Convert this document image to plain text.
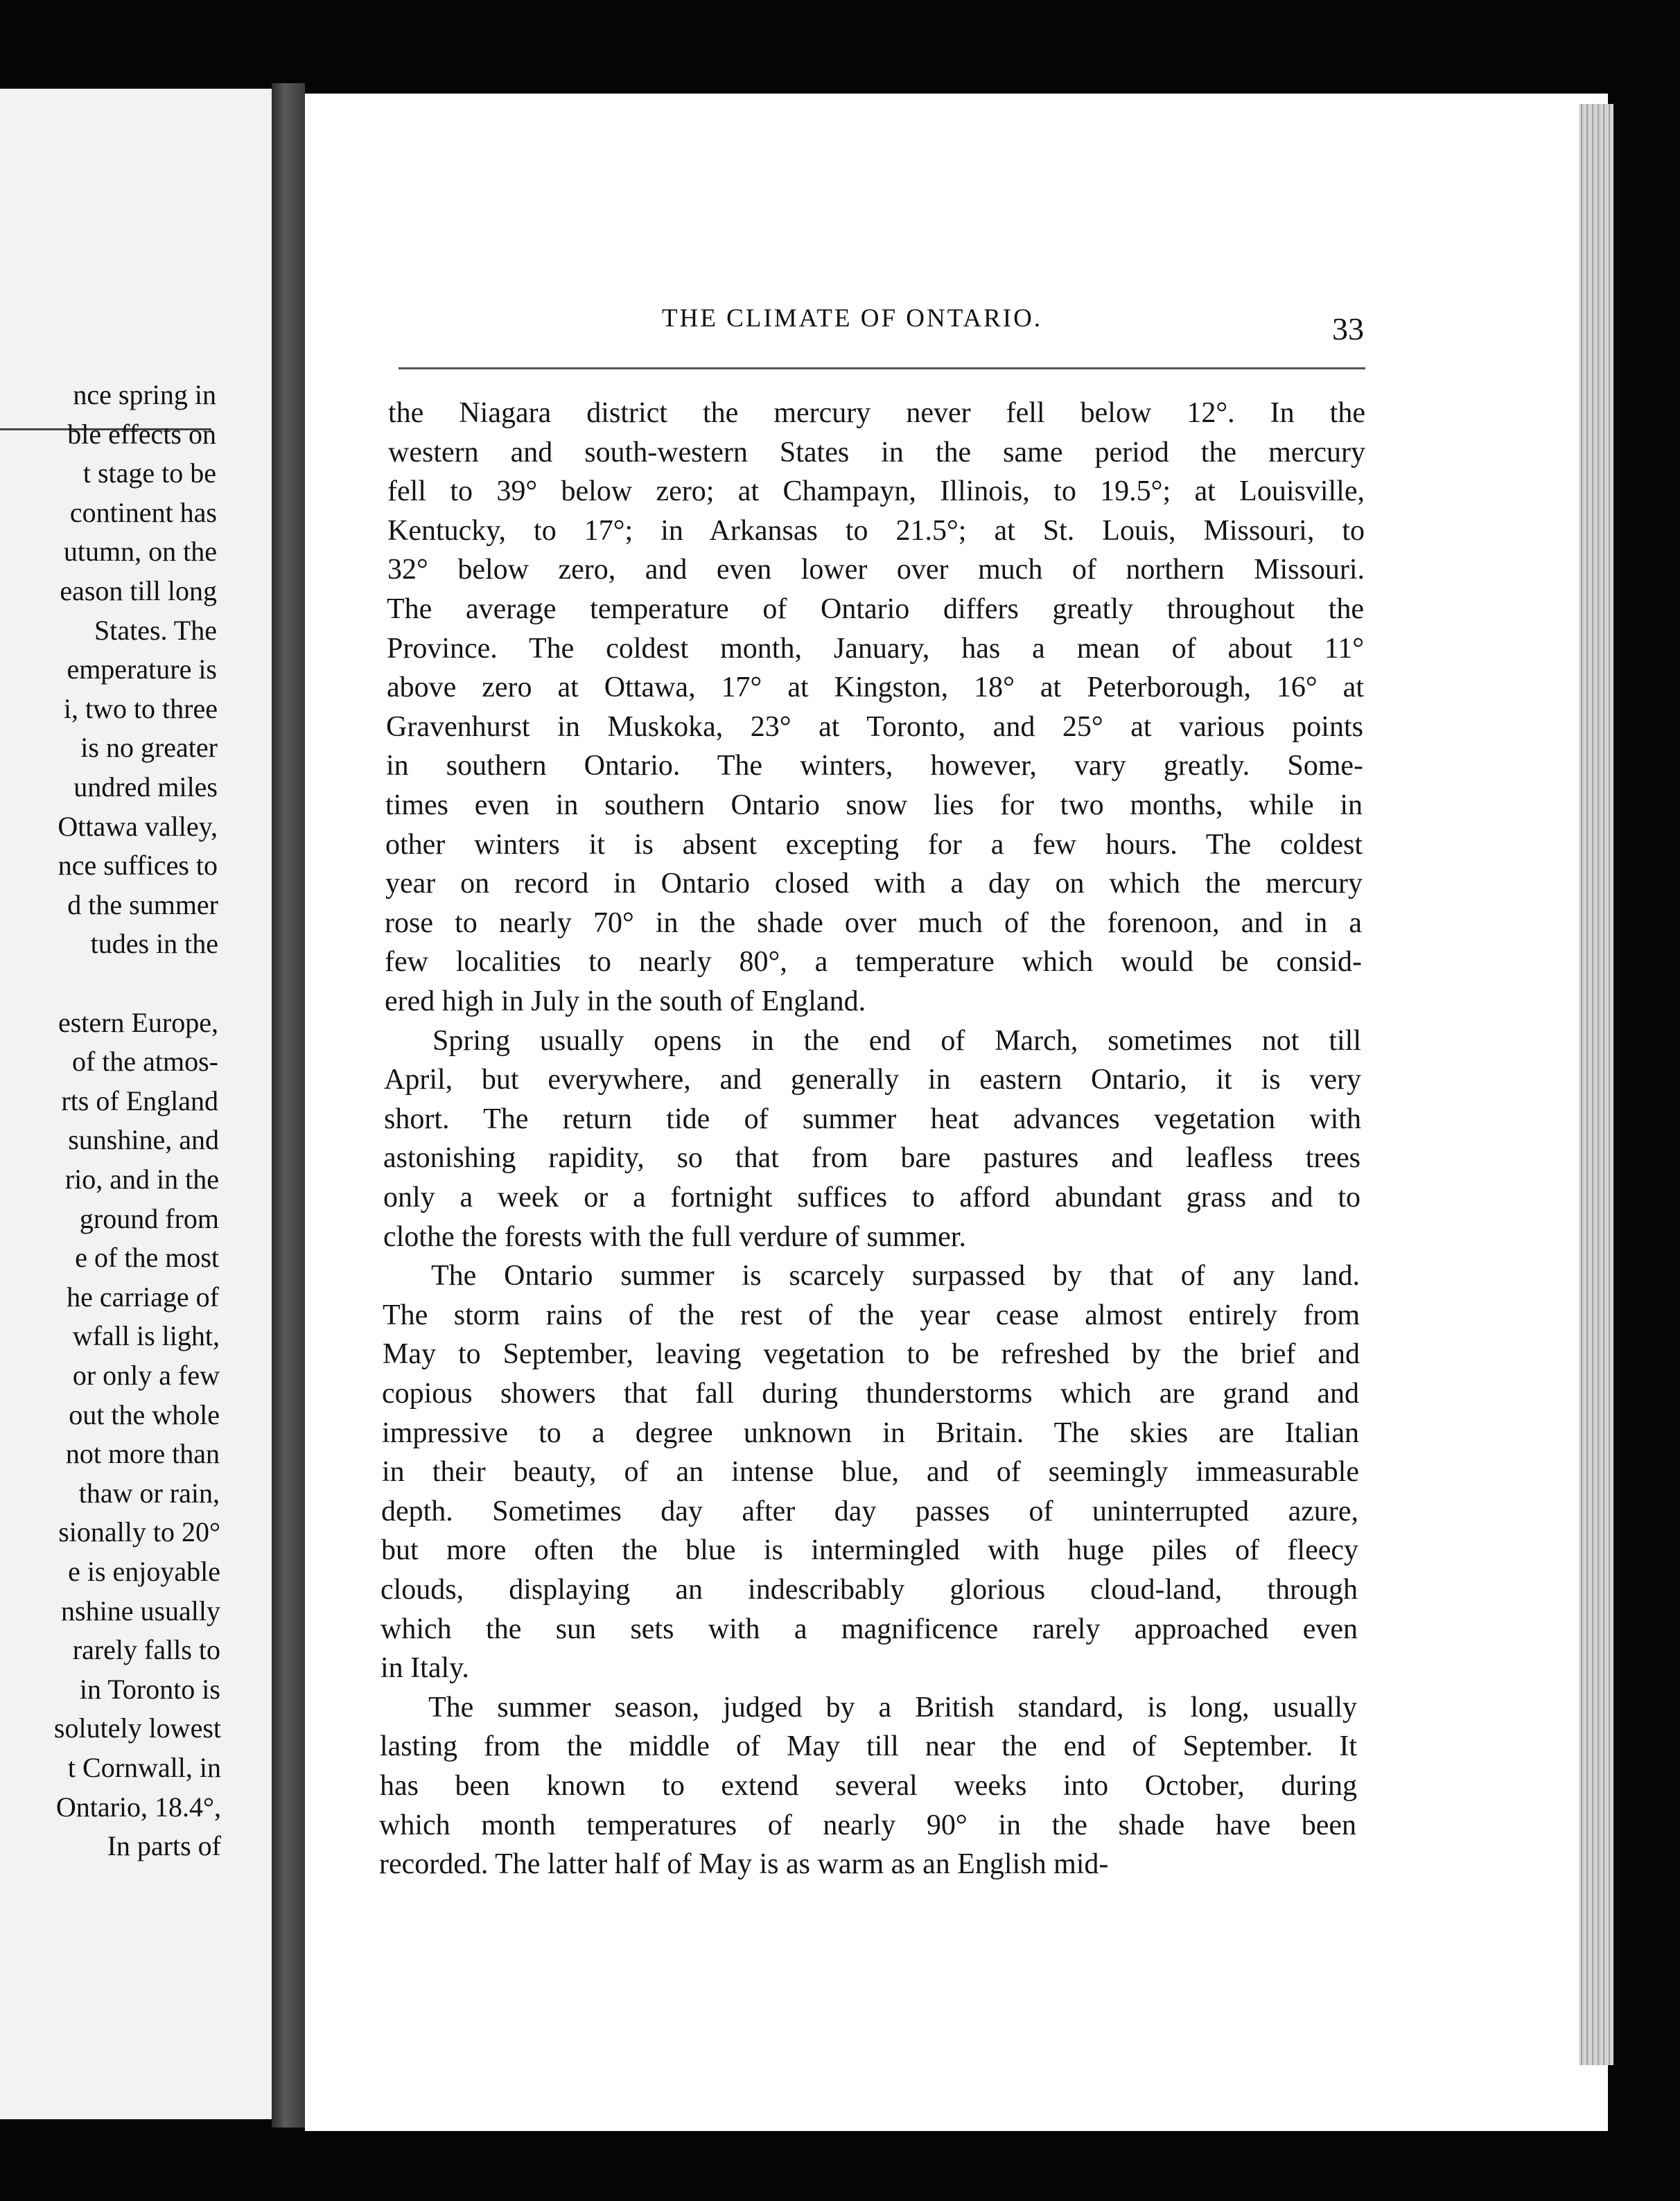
nce spring in
ble effects on
t stage to be
continent has
utumn, on the
eason till long
States. The
emperature is
i, two to three
is no greater
undred miles
Ottawa valley,
nce suffices to
d the summer
tudes in the
estern Europe,
of the atmos-
rts of England
sunshine, and
rio, and in the
ground from
e of the most
he carriage of
wfall is light,
or only a few
out the whole
not more than
thaw or rain,
sionally to 20°
e is enjoyable
nshine usually
rarely falls to
in Toronto is
solutely lowest
t Cornwall, in
Ontario, 18.4°,
In parts of
THE CLIMATE OF ONTARIO.	33
the Niagara district the mercury never fell below 12°. In the
western and south-western States in the same period the mercury
fell to 39° below zero; at Champayn, Illinois, to 19.5°; at Louisville,
Kentucky, to 17°; in Arkansas to 21.5°; at St. Louis, Missouri, to
32° below zero, and even lower over much of northern Missouri.
The average temperature of Ontario differs greatly throughout the
Province. The coldest month, January, has a mean of about 11°
above zero at Ottawa, 17° at Kingston, 18° at Peterborough, 16° at
Gravenhurst in Muskoka, 23° at Toronto, and 25° at various points
in southern Ontario. The winters, however, vary greatly. Some-
times even in southern Ontario snow lies for two months, while in
other winters it is absent excepting for a few hours. The coldest
year on record in Ontario closed with a day on which the mercury
rose to nearly 70° in the shade over much of the forenoon, and in a
few localities to nearly 80°, a temperature which would be consid-
ered high in July in the south of England.
Spring usually opens in the end of March, sometimes not till
April, but everywhere, and generally in eastern Ontario, it is very
short. The return tide of summer heat advances vegetation with
astonishing rapidity, so that from bare pastures and leafless trees
only a week or a fortnight suffices to afford abundant grass and to
clothe the forests with the full verdure of summer.
The Ontario summer is scarcely surpassed by that of any land.
The storm rains of the rest of the year cease almost entirely from
May to September, leaving vegetation to be refreshed by the brief and
copious showers that fall during thunderstorms which are grand and
impressive to a degree unknown in Britain. The skies are Italian
in their beauty, of an intense blue, and of seemingly immeasurable
depth. Sometimes day after day passes of uninterrupted azure,
but more often the blue is intermingled with huge piles of fleecy
clouds, displaying an indescribably glorious cloud-land, through
which the sun sets with a magnificence rarely approached even
in Italy.
The summer season, judged by a British standard, is long, usually
lasting from the middle of May till near the end of September. It
has been known to extend several weeks into October, during
which month temperatures of nearly 90° in the shade have been
recorded. The latter half of May is as warm as an English mid-
